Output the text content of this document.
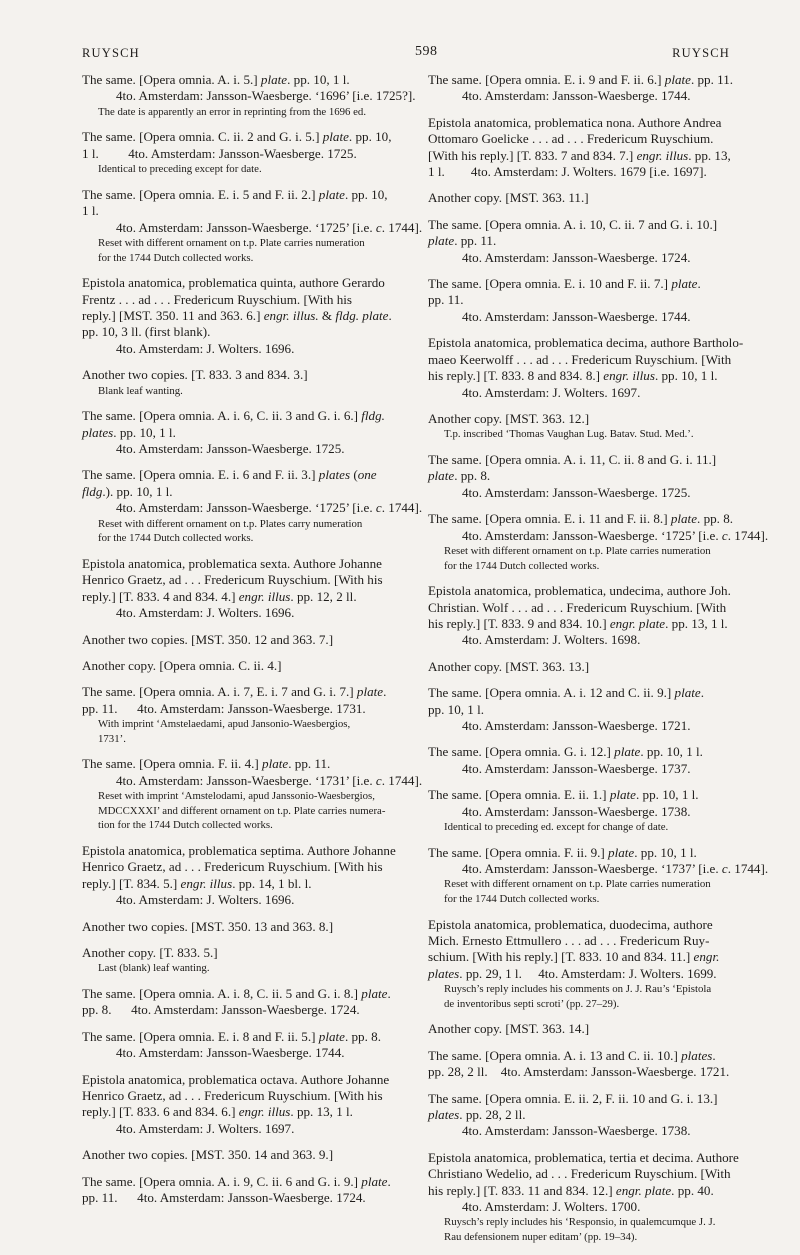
RUYSCH	598	RUYSCH
The same. [Opera omnia. A. i. 5.] plate. pp. 10, 1 l.
4to. Amsterdam: Jansson-Waesberge. ‘1696’ [i.e. 1725?].
The date is apparently an error in reprinting from the 1696 ed.
The same. [Opera omnia. C. ii. 2 and G. i. 5.] plate. pp. 10,
1 l.         4to. Amsterdam: Jansson-Waesberge. 1725.
Identical to preceding except for date.
The same. [Opera omnia. E. i. 5 and F. ii. 2.] plate. pp. 10,
1 l.
4to. Amsterdam: Jansson-Waesberge. ‘1725’ [i.e. c. 1744].
Reset with different ornament on t.p. Plate carries numeration
for the 1744 Dutch collected works.
Epistola anatomica, problematica quinta, authore Gerardo
Frentz . . . ad . . . Fredericum Ruyschium. [With his
reply.] [MST. 350. 11 and 363. 6.] engr. illus. & fldg. plate.
pp. 10, 3 ll. (first blank).
4to. Amsterdam: J. Wolters. 1696.
Another two copies. [T. 833. 3 and 834. 3.]
Blank leaf wanting.
The same. [Opera omnia. A. i. 6, C. ii. 3 and G. i. 6.] fldg.
plates. pp. 10, 1 l.
4to. Amsterdam: Jansson-Waesberge. 1725.
The same. [Opera omnia. E. i. 6 and F. ii. 3.] plates (one
fldg.). pp. 10, 1 l.
4to. Amsterdam: Jansson-Waesberge. ‘1725’ [i.e. c. 1744].
Reset with different ornament on t.p. Plates carry numeration
for the 1744 Dutch collected works.
Epistola anatomica, problematica sexta. Authore Johanne
Henrico Graetz, ad . . . Fredericum Ruyschium. [With his
reply.] [T. 833. 4 and 834. 4.] engr. illus. pp. 12, 2 ll.
4to. Amsterdam: J. Wolters. 1696.
Another two copies. [MST. 350. 12 and 363. 7.]
Another copy. [Opera omnia. C. ii. 4.]
The same. [Opera omnia. A. i. 7, E. i. 7 and G. i. 7.] plate.
pp. 11.      4to. Amsterdam: Jansson-Waesberge. 1731.
With imprint ‘Amstelaedami, apud Jansonio-Waesbergios,
1731’.
The same. [Opera omnia. F. ii. 4.] plate. pp. 11.
4to. Amsterdam: Jansson-Waesberge. ‘1731’ [i.e. c. 1744].
Reset with imprint ‘Amstelodami, apud Janssonio-Waesbergios,
MDCCXXXI’ and different ornament on t.p. Plate carries numera-
tion for the 1744 Dutch collected works.
Epistola anatomica, problematica septima. Authore Johanne
Henrico Graetz, ad . . . Fredericum Ruyschium. [With his
reply.] [T. 834. 5.] engr. illus. pp. 14, 1 bl. l.
4to. Amsterdam: J. Wolters. 1696.
Another two copies. [MST. 350. 13 and 363. 8.]
Another copy. [T. 833. 5.]
Last (blank) leaf wanting.
The same. [Opera omnia. A. i. 8, C. ii. 5 and G. i. 8.] plate.
pp. 8.      4to. Amsterdam: Jansson-Waesberge. 1724.
The same. [Opera omnia. E. i. 8 and F. ii. 5.] plate. pp. 8.
4to. Amsterdam: Jansson-Waesberge. 1744.
Epistola anatomica, problematica octava. Authore Johanne
Henrico Graetz, ad . . . Fredericum Ruyschium. [With his
reply.] [T. 833. 6 and 834. 6.] engr. illus. pp. 13, 1 l.
4to. Amsterdam: J. Wolters. 1697.
Another two copies. [MST. 350. 14 and 363. 9.]
The same. [Opera omnia. A. i. 9, C. ii. 6 and G. i. 9.] plate.
pp. 11.      4to. Amsterdam: Jansson-Waesberge. 1724.
The same. [Opera omnia. E. i. 9 and F. ii. 6.] plate. pp. 11.
4to. Amsterdam: Jansson-Waesberge. 1744.
Epistola anatomica, problematica nona. Authore Andrea
Ottomaro Goelicke . . . ad . . . Fredericum Ruyschium.
[With his reply.] [T. 833. 7 and 834. 7.] engr. illus. pp. 13,
1 l.        4to. Amsterdam: J. Wolters. 1679 [i.e. 1697].
Another copy. [MST. 363. 11.]
The same. [Opera omnia. A. i. 10, C. ii. 7 and G. i. 10.]
plate. pp. 11.
4to. Amsterdam: Jansson-Waesberge. 1724.
The same. [Opera omnia. E. i. 10 and F. ii. 7.] plate.
pp. 11.
4to. Amsterdam: Jansson-Waesberge. 1744.
Epistola anatomica, problematica decima, authore Bartholo-
maeo Keerwolff . . . ad . . . Fredericum Ruyschium. [With
his reply.] [T. 833. 8 and 834. 8.] engr. illus. pp. 10, 1 l.
4to. Amsterdam: J. Wolters. 1697.
Another copy. [MST. 363. 12.]
T.p. inscribed ‘Thomas Vaughan Lug. Batav. Stud. Med.’.
The same. [Opera omnia. A. i. 11, C. ii. 8 and G. i. 11.]
plate. pp. 8.
4to. Amsterdam: Jansson-Waesberge. 1725.
The same. [Opera omnia. E. i. 11 and F. ii. 8.] plate. pp. 8.
4to. Amsterdam: Jansson-Waesberge. ‘1725’ [i.e. c. 1744].
Reset with different ornament on t.p. Plate carries numeration
for the 1744 Dutch collected works.
Epistola anatomica, problematica, undecima, authore Joh.
Christian. Wolf . . . ad . . . Fredericum Ruyschium. [With
his reply.] [T. 833. 9 and 834. 10.] engr. plate. pp. 13, 1 l.
4to. Amsterdam: J. Wolters. 1698.
Another copy. [MST. 363. 13.]
The same. [Opera omnia. A. i. 12 and C. ii. 9.] plate.
pp. 10, 1 l.
4to. Amsterdam: Jansson-Waesberge. 1721.
The same. [Opera omnia. G. i. 12.] plate. pp. 10, 1 l.
4to. Amsterdam: Jansson-Waesberge. 1737.
The same. [Opera omnia. E. ii. 1.] plate. pp. 10, 1 l.
4to. Amsterdam: Jansson-Waesberge. 1738.
Identical to preceding ed. except for change of date.
The same. [Opera omnia. F. ii. 9.] plate. pp. 10, 1 l.
4to. Amsterdam: Jansson-Waesberge. ‘1737’ [i.e. c. 1744].
Reset with different ornament on t.p. Plate carries numeration
for the 1744 Dutch collected works.
Epistola anatomica, problematica, duodecima, authore
Mich. Ernesto Ettmullero . . . ad . . . Fredericum Ruy-
schium. [With his reply.] [T. 833. 10 and 834. 11.] engr.
plates. pp. 29, 1 l.     4to. Amsterdam: J. Wolters. 1699.
Ruysch’s reply includes his comments on J. J. Rau’s ‘Epistola
de inventoribus septi scroti’ (pp. 27–29).
Another copy. [MST. 363. 14.]
The same. [Opera omnia. A. i. 13 and C. ii. 10.] plates.
pp. 28, 2 ll.    4to. Amsterdam: Jansson-Waesberge. 1721.
The same. [Opera omnia. E. ii. 2, F. ii. 10 and G. i. 13.]
plates. pp. 28, 2 ll.
4to. Amsterdam: Jansson-Waesberge. 1738.
Epistola anatomica, problematica, tertia et decima. Authore
Christiano Wedelio, ad . . . Fredericum Ruyschium. [With
his reply.] [T. 833. 11 and 834. 12.] engr. plate. pp. 40.
4to. Amsterdam: J. Wolters. 1700.
Ruysch’s reply includes his ‘Responsio, in qualemcumque J. J.
Rau defensionem nuper editam’ (pp. 19–34).
